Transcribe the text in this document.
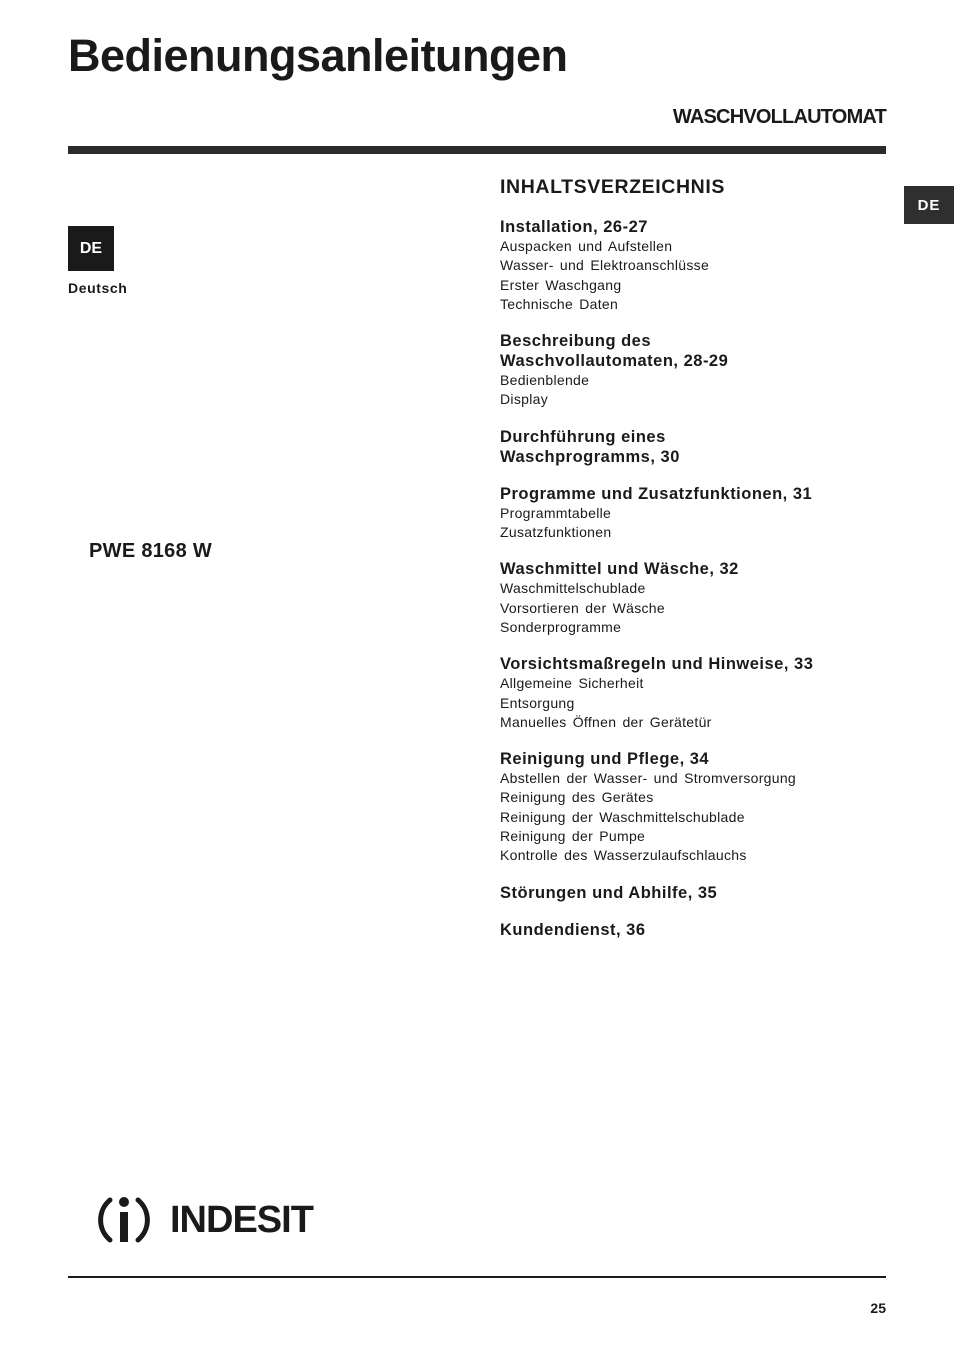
Bedienungsanleitungen
WASCHVOLLAUTOMAT
DE
Deutsch
DE
PWE 8168 W
INHALTSVERZEICHNIS
Installation, 26-27
Auspacken und Aufstellen
Wasser- und Elektroanschlüsse
Erster Waschgang
Technische Daten
Beschreibung des
Waschvollautomaten, 28-29
Bedienblende
Display
Durchführung eines
Waschprogramms, 30
Programme und Zusatzfunktionen, 31
Programmtabelle
Zusatzfunktionen
Waschmittel und Wäsche, 32
Waschmittelschublade
Vorsortieren der Wäsche
Sonderprogramme
Vorsichtsmaßregeln und Hinweise, 33
Allgemeine Sicherheit
Entsorgung
Manuelles Öffnen der Gerätetür
Reinigung und Pflege, 34
Abstellen der Wasser- und Stromversorgung
Reinigung des Gerätes
Reinigung der Waschmittelschublade
Reinigung der Pumpe
Kontrolle des Wasserzulaufschlauchs
Störungen und Abhilfe, 35
Kundendienst, 36
INDESIT
25
